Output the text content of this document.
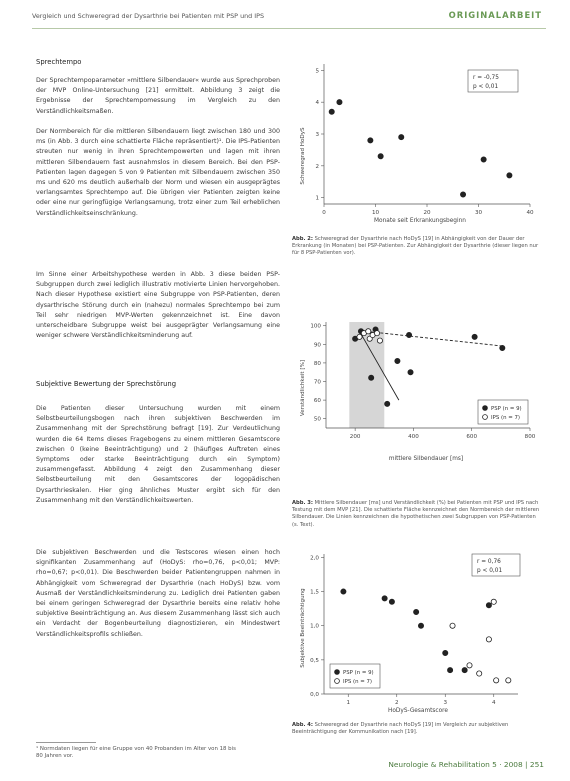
Vergleich und Schweregrad der Dysarthrie bei Patienten mit PSP und IPS	ORIGINALARBEIT
Sprechtempo
Der Sprechtempoparameter »mittlere Silbendauer« wurde aus Sprechproben der MVP Online-Untersuchung [21] ermittelt. Abbildung 3 zeigt die Ergebnisse der Sprechtempomessung im Vergleich zu den Verständlichkeitsmaßen.
Der Normbereich für die mittleren Silbendauern liegt zwischen 180 und 300 ms (in Abb. 3 durch eine schattierte Fläche repräsentiert)¹. Die IPS-Patienten streuten nur wenig in ihren Sprechtempowerten und lagen mit ihren mittleren Silbendauern fast ausnahmslos in diesem Bereich. Bei den PSP-Patienten lagen dagegen 5 von 9 Patienten mit Silbendauern zwischen 350 ms und 620 ms deutlich außerhalb der Norm und wiesen ein ausgeprägtes verlangsamtes Sprechtempo auf. Die übrigen vier Patienten zeigten keine oder eine nur geringfügige Verlangsamung, trotz einer zum Teil erheblichen Verständlichkeitseinschränkung.
Im Sinne einer Arbeitshypothese werden in Abb. 3 diese beiden PSP-Subgruppen durch zwei lediglich illustrativ motivierte Linien hervorgehoben. Nach dieser Hypothese existiert eine Subgruppe von PSP-Patienten, deren dysarthrische Störung durch ein (nahezu) normales Sprechtempo bei zum Teil sehr niedrigen MVP-Werten gekennzeichnet ist. Eine davon unterscheidbare Subgruppe weist bei ausgeprägter Verlangsamung eine weniger schwere Verständlichkeitsminderung auf.
Subjektive Bewertung der Sprechstörung
Die Patienten dieser Untersuchung wurden mit einem Selbstbeurteilungsbogen nach ihren subjektiven Beschwerden im Zusammenhang mit der Sprechstörung befragt [19]. Zur Verdeutlichung wurden die 64 Items dieses Fragebogens zu einem mittleren Gesamtscore zwischen 0 (keine Beeinträchtigung) und 2 (häufiges Auftreten eines Symptoms oder starke Beeinträchtigung durch ein Symptom) zusammengefasst. Abbildung 4 zeigt den Zusammenhang dieser Selbstbeurteilung mit den Gesamtscores der logopädischen Dysarthrieskalen. Hier ging ähnliches Muster ergibt sich für den Zusammenhang mit den Verständlichkeitswerten.
Die subjektiven Beschwerden und die Testscores wiesen einen hoch signifikanten Zusammenhang auf (HoDyS: rho=0,76, p<0,01; MVP: rho=0,67; p<0,01). Die Beschwerden beider Patientengruppen nahmen in Abhängigkeit vom Schweregrad der Dysarthrie (nach HoDyS) bzw. vom Ausmaß der Verständlichkeitsminderung zu. Lediglich drei Patienten gaben bei einem geringen Schweregrad der Dysarthrie bereits eine relativ hohe subjektive Beeinträchtigung an. Aus diesem Zusammenhang lässt sich auch ein Verdacht der Bogenbeurteilung diagnostizieren, ein Mindestwert Verständlichkeitsprofils schließen.
¹ Normdaten liegen für eine Gruppe von 40 Probanden im Alter von 18 bis 80 Jahren vor.
Neurologie & Rehabilitation 5 · 2008 | 251
Schweregrad HoDyS
Monate seit Erkrankungsbeginn
r = -0,75
p < 0,01
1
2
3
4
5
0	10	20	30	40
Abb. 2: Schweregrad der Dysarthrie nach HoDyS [19] in Abhängigkeit von der Dauer der Erkrankung (in Monaten) bei PSP-Patienten. Zur Abhängigkeit der Dysarthrie (dieser liegen nur für 8 PSP-Patienten vor).
Verständlichkeit [%]
mittlere Silbendauer [ms]
50
60
70
80
90
100
200	400	600	800
PSP (n = 9)
IPS (n = 7)
Abb. 3: Mittlere Silbendauer [ms] und Verständlichkeit (%) bei Patienten mit PSP und IPS nach Testung mit dem MVP [21]. Die schattierte Fläche kennzeichnet den Normbereich der mittleren Silbendauer. Die Linien kennzeichnen die hypothetischen zwei Subgruppen von PSP-Patienten (s. Text).
Subjektive Beeinträchtigung
HoDyS-Gesamtscore
r = 0,76
p < 0,01
0,0
0,5
1,0
1,5
2,0
1	2	3	4
PSP (n = 9)
IPS (n = 7)
Abb. 4: Schweregrad der Dysarthrie nach HoDyS [19] im Vergleich zur subjektiven Beeinträchtigung der Kommunikation nach [19].
